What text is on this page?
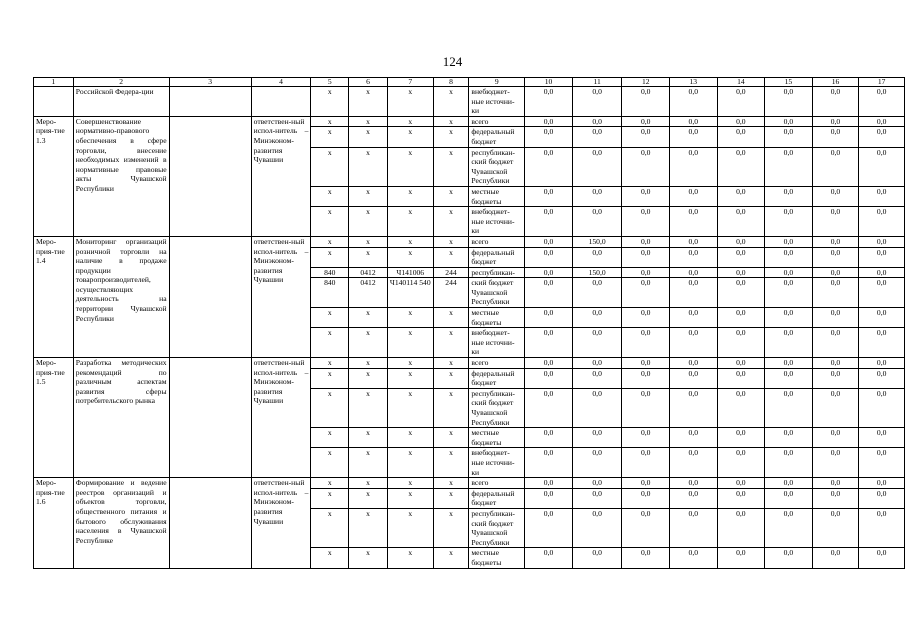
124
1	2	3	4	5	6	7	8	9	10	11	12	13	14	15	16	17
	Российской Федера-ции			x	x	x	x	внебюджет-ные источни-ки	0,0	0,0	0,0	0,0	0,0	0,0	0,0	0,0
Меро-прия-тие 1.3	Совершенствование нормативно-правового обеспечения в сфере торговли, внесение необходимых изменений в нормативные правовые акты Чувашской Республики		ответствен-ный испол-нитель – Минэконом-развития Чувашии	x	x	x	x	всего	0,0	0,0	0,0	0,0	0,0	0,0	0,0	0,0
				x	x	x	x	федеральный бюджет	0,0	0,0	0,0	0,0	0,0	0,0	0,0	0,0
				x	x	x	x	республикан-ский бюджет Чувашской Республики	0,0	0,0	0,0	0,0	0,0	0,0	0,0	0,0
				x	x	x	x	местные бюджеты	0,0	0,0	0,0	0,0	0,0	0,0	0,0	0,0
				x	x	x	x	внебюджет-ные источни-ки	0,0	0,0	0,0	0,0	0,0	0,0	0,0	0,0
Меро-прия-тие 1.4	Мониторинг организаций розничной торговли на наличие в продаже продукции товаропроизводителей, осуществляющих деятельность на территории Чувашской Республики		ответствен-ный испол-нитель – Минэконом-развития Чувашии	x	x	x	x	всего	0,0	150,0	0,0	0,0	0,0	0,0	0,0	0,0
				x	x	x	x	федеральный бюджет	0,0	0,0	0,0	0,0	0,0	0,0	0,0	0,0
				840	0412	Ч141006	244	республикан-	0,0	150,0	0,0	0,0	0,0	0,0	0,0	0,0
				840	0412	Ч140114 540	244	ский бюджет Чувашской Республики	0,0	0,0	0,0	0,0	0,0	0,0	0,0	0,0
				x	x	x	x	местные бюджеты	0,0	0,0	0,0	0,0	0,0	0,0	0,0	0,0
				x	x	x	x	внебюджет-ные источни-ки	0,0	0,0	0,0	0,0	0,0	0,0	0,0	0,0
Меро-прия-тие 1.5	Разработка методических рекомендаций по различным аспектам развития сферы потребительского рынка		ответствен-ный испол-нитель – Минэконом-развития Чувашии	x	x	x	x	всего	0,0	0,0	0,0	0,0	0,0	0,0	0,0	0,0
				x	x	x	x	федеральный бюджет	0,0	0,0	0,0	0,0	0,0	0,0	0,0	0,0
				x	x	x	x	республикан-ский бюджет Чувашской Республики	0,0	0,0	0,0	0,0	0,0	0,0	0,0	0,0
				x	x	x	x	местные бюджеты	0,0	0,0	0,0	0,0	0,0	0,0	0,0	0,0
				x	x	x	x	внебюджет-ные источни-ки	0,0	0,0	0,0	0,0	0,0	0,0	0,0	0,0
Меро-прия-тие 1.6	Формирование и ведение реестров организаций и объектов торговли, общественного питания и бытового обслуживания населения в Чувашской Республике		ответствен-ный испол-нитель – Минэконом-развития Чувашии	x	x	x	x	всего	0,0	0,0	0,0	0,0	0,0	0,0	0,0	0,0
				x	x	x	x	федеральный бюджет	0,0	0,0	0,0	0,0	0,0	0,0	0,0	0,0
				x	x	x	x	республикан-ский бюджет Чувашской Республики	0,0	0,0	0,0	0,0	0,0	0,0	0,0	0,0
				x	x	x	x	местные бюджеты	0,0	0,0	0,0	0,0	0,0	0,0	0,0	0,0
